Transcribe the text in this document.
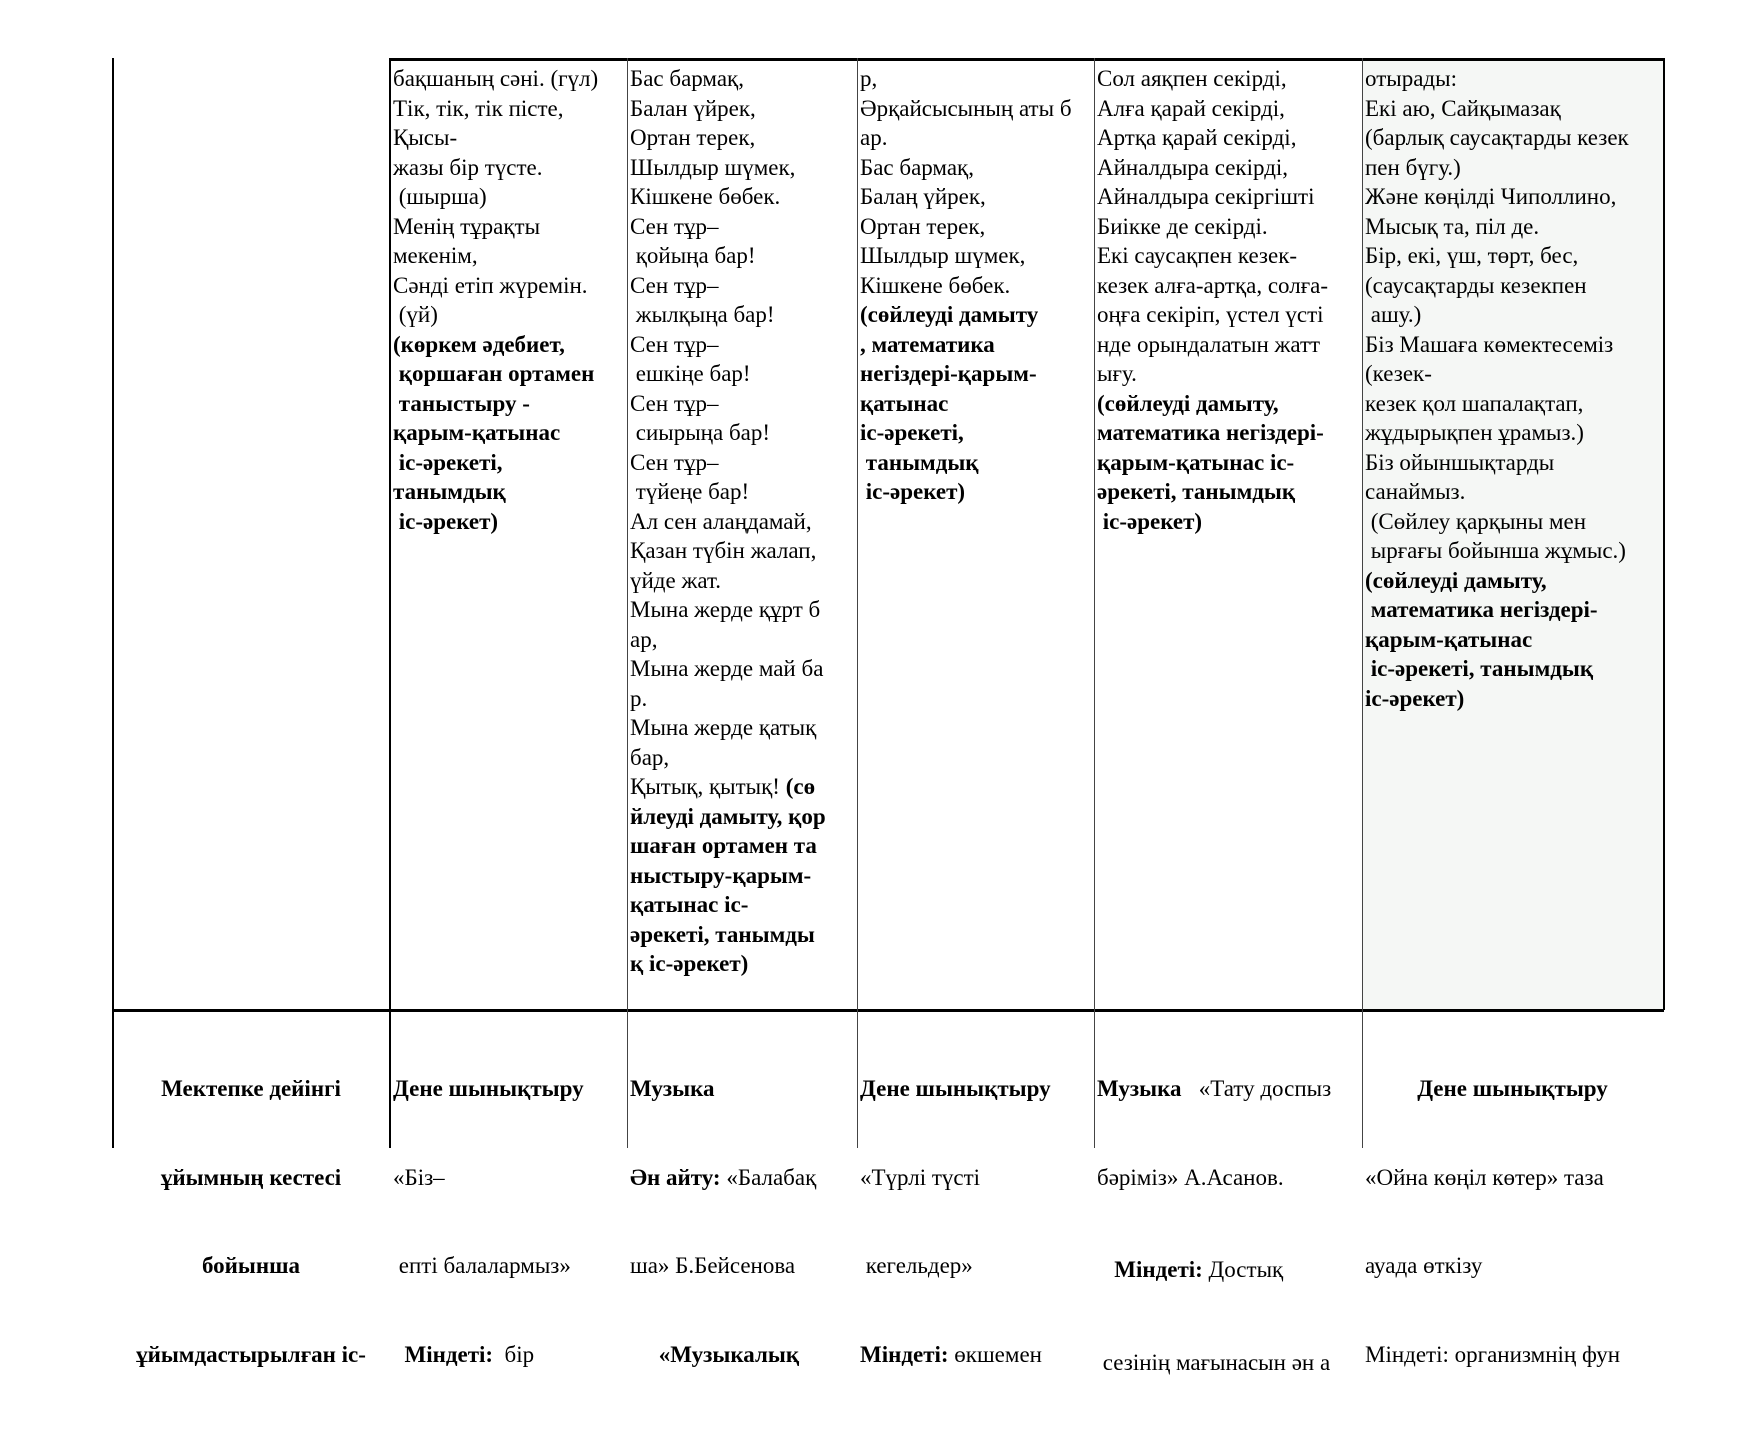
бақшаның сәні. (гүл)
Тік, тік, тік пісте,
Қысы-
жазы бір түсте.
(шырша)
Менің тұрақты
мекенім,
Сәнді етіп жүремін.
(үй)
(көркем әдебиет,
қоршаған ортамен
таныстыру -
қарым-қатынас
іс-әрекеті,
танымдық
іс-әрекет)
Бас бармақ,
Балан үйрек,
Ортан терек,
Шылдыр шүмек,
Кішкене бөбек.
Сен тұр–
қойыңа бар!
Сен тұр–
жылқыңа бар!
Сен тұр–
ешкіңе бар!
Сен тұр–
сиырыңа бар!
Сен тұр–
түйеңе бар!
Ал сен алаңдамай,
Қазан түбін жалап,
үйде жат.
Мына жерде құрт б
ар,
Мына жерде май ба
р.
Мына жерде қатық
бар,
Қытық, қытық! (сө
йлеуді дамыту, қор
шаған ортамен та
ныстыру-қарым-
қатынас іс-
әрекеті, танымды
қ іс-әрекет)
р,
Әрқайсысының аты б
ар.
Бас бармақ,
Балаң үйрек,
Ортан терек,
Шылдыр шүмек,
Кішкене бөбек.
(сөйлеуді дамыту
, математика
негіздері-қарым-
қатынас
іс-әрекеті,
танымдық
іс-әрекет)
Сол аяқпен секірді,
Алға қарай секірді,
Артқа қарай секірді,
Айналдыра секірді,
Айналдыра секіргішті
Биікке де секірді.
Екі саусақпен кезек-
кезек алға-артқа, солға-
оңға секіріп, үстел үсті
нде орындалатын жатт
ығу.
(сөйлеуді дамыту,
математика негіздері-
қарым-қатынас іс-
әрекеті, танымдық
іс-әрекет)
отырады:
Екі аю, Сайқымазақ
(барлық саусақтарды кезек
пен бүгу.)
Және көңілді Чиполлино,
Мысық та, піл де.
Бір, екі, үш, төрт, бес,
(саусақтарды кезекпен
ашу.)
Біз Машаға көмектесеміз
(кезек-
кезек қол шапалақтап,
жұдырықпен ұрамыз.)
Біз ойыншықтарды
санаймыз.
(Сөйлеу қарқыны мен
ырғағы бойынша жұмыс.)
(сөйлеуді дамыту,
математика негіздері-
қарым-қатынас
іс-әрекеті, танымдық
іс-әрекет)

Мектепке дейінгі

ұйымның кестесі

бойынша

ұйымдастырылған іс-

Дене шынықтыру

«Біз–

епті балалармыз»

Міндеті:  бір

Музыка

Ән айту: «Балабақ

ша» Б.Бейсенова

«Музыкалық

Дене шынықтыру

«Түрлі түсті

кегельдер»

Міндеті: өкшемен

Музыка   «Тату доспыз

бәріміз» А.Асанов.

Міндеті: Достық

сезінің мағынасын ән а

Дене шынықтыру

«Ойна көңіл көтер» таза

ауада өткізу

Міндеті: организмнің фун
